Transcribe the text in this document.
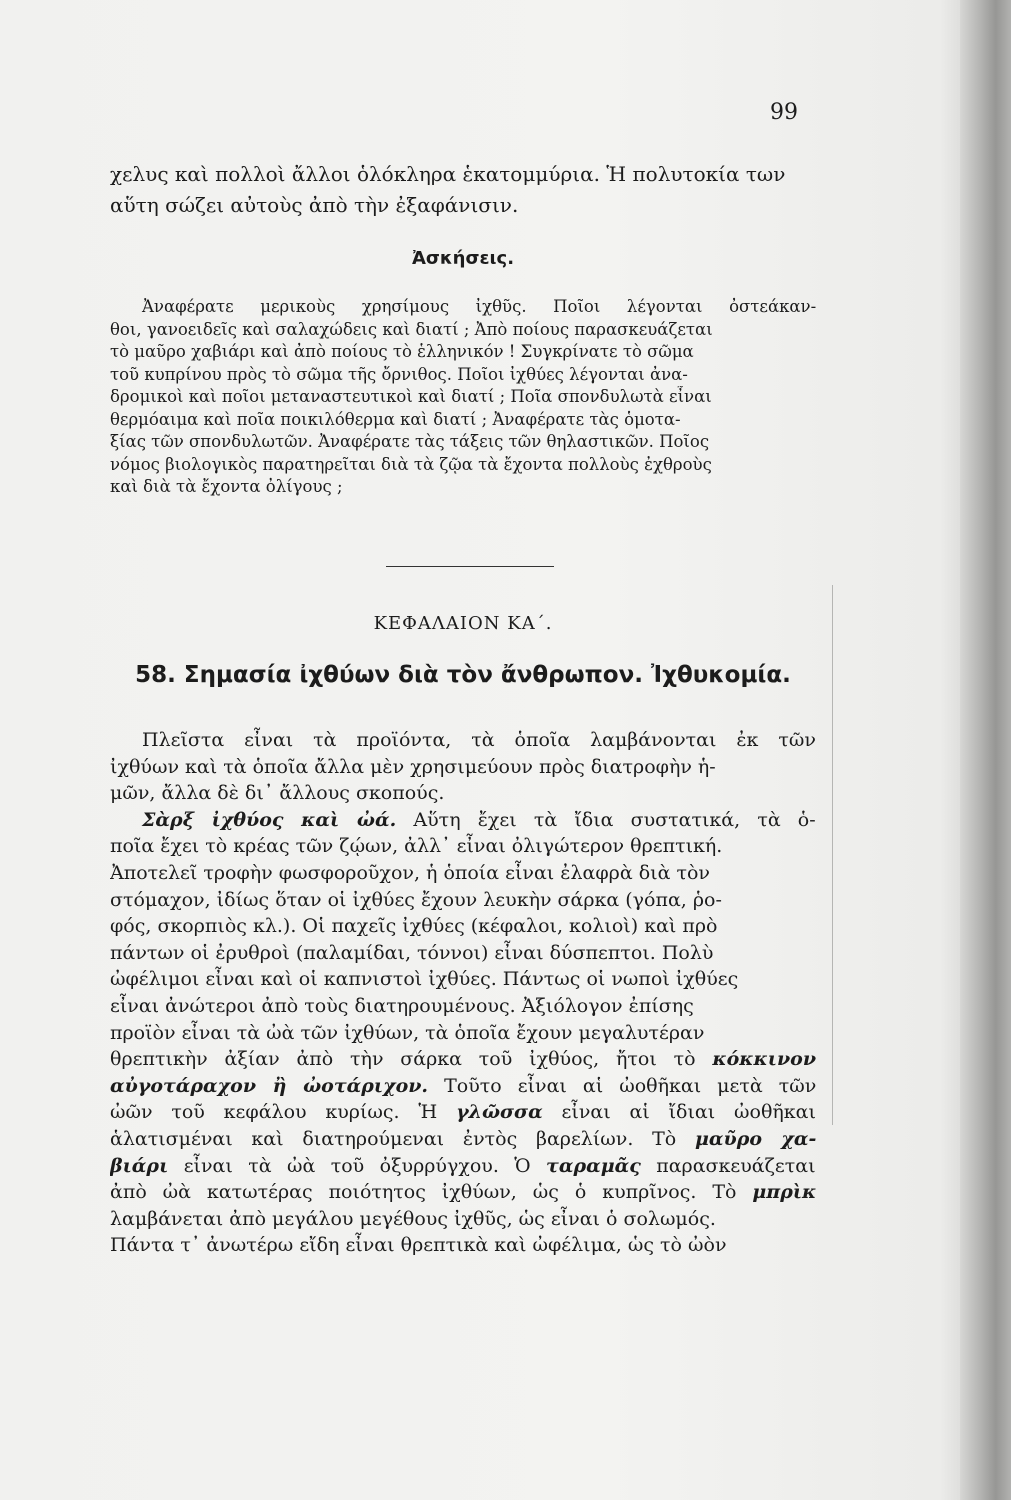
99
χελυς καὶ πολλοὶ ἄλλοι ὁλόκληρα ἑκατομμύρια. Ἡ πολυτοκία των
αὕτη σώζει αὐτοὺς ἀπὸ τὴν ἐξαφάνισιν.
Ἀσκήσεις.
Ἀναφέρατε μερικοὺς χρησίμους ἰχθῦς. Ποῖοι λέγονται ὀστεάκαν-
θοι, γανοειδεῖς καὶ σαλαχώδεις καὶ διατί ; Ἀπὸ ποίους παρασκευάζεται
τὸ μαῦρο χαβιάρι καὶ ἀπὸ ποίους τὸ ἑλληνικόν ! Συγκρίνατε τὸ σῶμα
τοῦ κυπρίνου πρὸς τὸ σῶμα τῆς ὄρνιθος. Ποῖοι ἰχθύες λέγονται ἀνα-
δρομικοὶ καὶ ποῖοι μεταναστευτικοὶ καὶ διατί ; Ποῖα σπονδυλωτὰ εἶναι
θερμόαιμα καὶ ποῖα ποικιλόθερμα καὶ διατί ; Ἀναφέρατε τὰς ὁμοτα-
ξίας τῶν σπονδυλωτῶν. Ἀναφέρατε τὰς τάξεις τῶν θηλαστικῶν. Ποῖος
νόμος βιολογικὸς παρατηρεῖται διὰ τὰ ζῷα τὰ ἔχοντα πολλοὺς ἐχθροὺς
καὶ διὰ τὰ ἔχοντα ὀλίγους ;
ΚΕΦΑΛΑΙΟΝ ΚΑ΄.
58. Σημασία ἰχθύων διὰ τὸν ἄνθρωπον. Ἰχθυκομία.
Πλεῖστα εἶναι τὰ προϊόντα, τὰ ὁποῖα λαμβάνονται ἐκ τῶν
ἰχθύων καὶ τὰ ὁποῖα ἄλλα μὲν χρησιμεύουν πρὸς διατροφὴν ἡ-
μῶν, ἄλλα δὲ δι᾿ ἄλλους σκοπούς.
Σὰρξ ἰχθύος καὶ ὠά. Αὕτη ἔχει τὰ ἴδια συστατικά, τὰ ὁ-
ποῖα ἔχει τὸ κρέας τῶν ζῴων, ἀλλ᾿ εἶναι ὀλιγώτερον θρεπτική.
Ἀποτελεῖ τροφὴν φωσφοροῦχον, ἡ ὁποία εἶναι ἐλαφρὰ διὰ τὸν
στόμαχον, ἰδίως ὅταν οἱ ἰχθύες ἔχουν λευκὴν σάρκα (γόπα, ῥο-
φός, σκορπιὸς κλ.). Οἱ παχεῖς ἰχθύες (κέφαλοι, κολιοὶ) καὶ πρὸ
πάντων οἱ ἐρυθροὶ (παλαμίδαι, τόννοι) εἶναι δύσπεπτοι. Πολὺ
ὠφέλιμοι εἶναι καὶ οἱ καπνιστοὶ ἰχθύες. Πάντως οἱ νωποὶ ἰχθύες
εἶναι ἀνώτεροι ἀπὸ τοὺς διατηρουμένους. Ἀξιόλογον ἐπίσης
προϊὸν εἶναι τὰ ὠὰ τῶν ἰχθύων, τὰ ὁποῖα ἔχουν μεγαλυτέραν
θρεπτικὴν ἀξίαν ἀπὸ τὴν σάρκα τοῦ ἰχθύος, ἤτοι τὸ κόκκινον
αὐγοτάραχον ἢ ὠοτάριχον. Τοῦτο εἶναι αἱ ὠοθῆκαι μετὰ τῶν
ὠῶν τοῦ κεφάλου κυρίως. Ἡ γλῶσσα εἶναι αἱ ἴδιαι ὠοθῆκαι
ἁλατισμέναι καὶ διατηρούμεναι ἐντὸς βαρελίων. Τὸ μαῦρο χα-
βιάρι εἶναι τὰ ὠὰ τοῦ ὀξυρρύγχου. Ὁ ταραμᾶς παρασκευάζεται
ἀπὸ ὠὰ κατωτέρας ποιότητος ἰχθύων, ὡς ὁ κυπρῖνος. Τὸ μπρὶκ
λαμβάνεται ἀπὸ μεγάλου μεγέθους ἰχθῦς, ὡς εἶναι ὁ σολωμός.
Πάντα τ᾿ ἀνωτέρω εἴδη εἶναι θρεπτικὰ καὶ ὠφέλιμα, ὡς τὸ ὠὸν
